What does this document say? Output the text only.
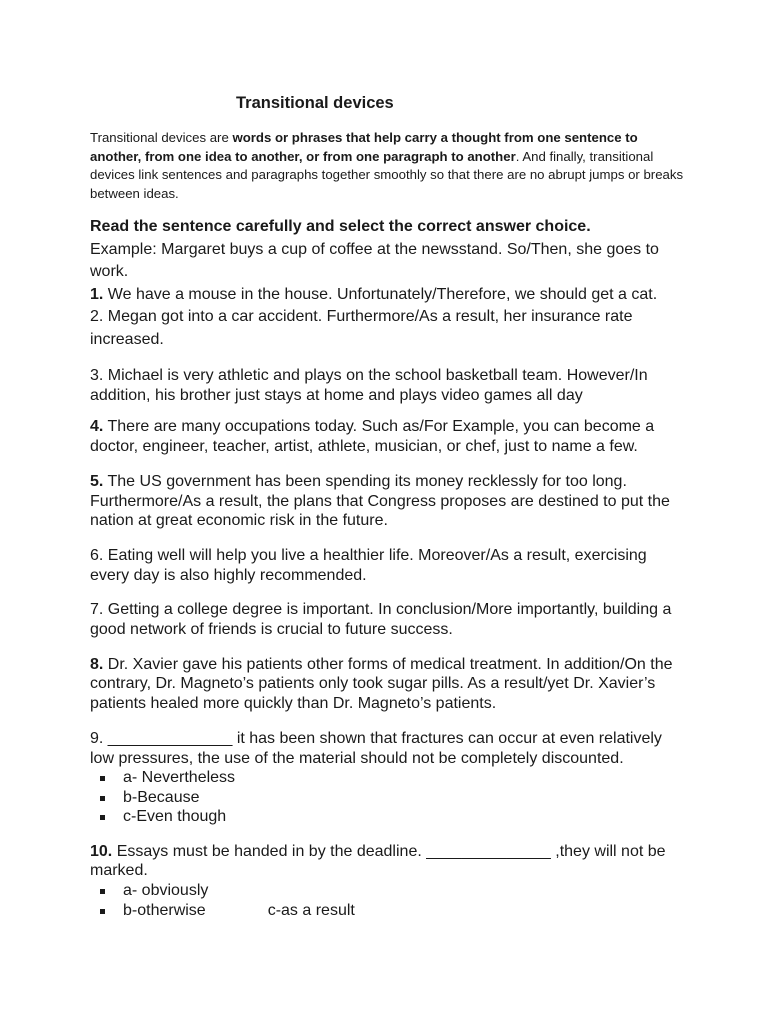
Transitional devices
Transitional devices are words or phrases that help carry a thought from one sentence to another, from one idea to another, or from one paragraph to another. And finally, transitional devices link sentences and paragraphs together smoothly so that there are no abrupt jumps or breaks between ideas.

Read the sentence carefully and select the correct answer choice.

Example: Margaret buys a cup of coffee at the newsstand. So/Then, she goes to work.

1. We have a mouse in the house. Unfortunately/Therefore, we should get a cat.

2. Megan got into a car accident. Furthermore/As a result, her insurance rate increased.

3. Michael is very athletic and plays on the school basketball team. However/In addition, his brother just stays at home and plays video games all day

4. There are many occupations today. Such as/For Example, you can become a doctor, engineer, teacher, artist, athlete, musician, or chef, just to name a few.

5. The US government has been spending its money recklessly for too long. Furthermore/As a result, the plans that Congress proposes are destined to put the nation at great economic risk in the future.

6. Eating well will help you live a healthier life. Moreover/As a result, exercising every day is also highly recommended.

7. Getting a college degree is important. In conclusion/More importantly, building a good network of friends is crucial to future success.

8. Dr. Xavier gave his patients other forms of medical treatment. In addition/On the contrary, Dr. Magneto’s patients only took sugar pills. As a result/yet Dr. Xavier’s patients healed more quickly than Dr. Magneto’s patients.

9. ______________ it has been shown that fractures can occur at even relatively low pressures, the use of the material should not be completely discounted.

a- Nevertheless
b-Because
c-Even though

10. Essays must be handed in by the deadline. ______________ ,they will not be marked.

a- obviously
b-otherwise	c-as a result
